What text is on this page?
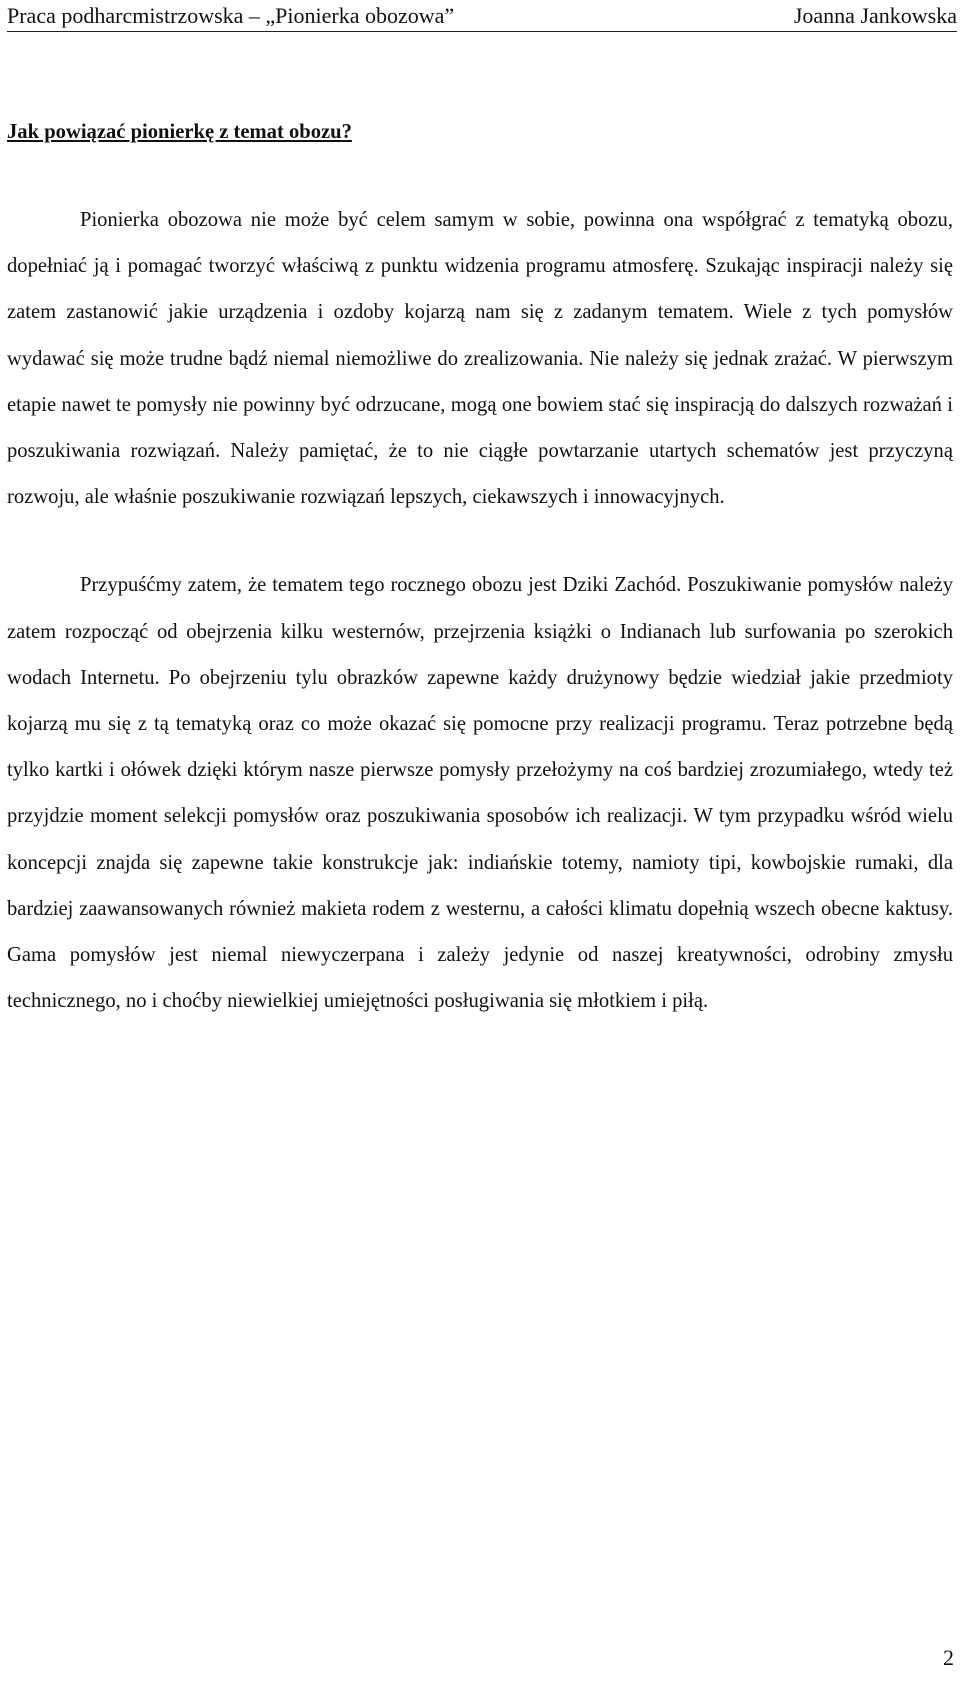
Praca podharcmistrzowska – „Pionierka obozowa”	Joanna Jankowska
Jak powiązać pionierkę z temat obozu?

Pionierka obozowa nie może być celem samym w sobie, powinna ona współgrać z tematyką obozu, dopełniać ją i pomagać tworzyć właściwą z punktu widzenia programu atmosferę. Szukając inspiracji należy się zatem zastanowić jakie urządzenia i ozdoby kojarzą nam się z zadanym tematem. Wiele z tych pomysłów wydawać się może trudne bądź niemal niemożliwe do zrealizowania. Nie należy się jednak zrażać. W pierwszym etapie nawet te pomysły nie powinny być odrzucane, mogą one bowiem stać się inspiracją do dalszych rozważań i poszukiwania rozwiązań. Należy pamiętać, że to nie ciągłe powtarzanie utartych schematów jest przyczyną rozwoju, ale właśnie poszukiwanie rozwiązań lepszych, ciekawszych i innowacyjnych.

Przypuśćmy zatem, że tematem tego rocznego obozu jest Dziki Zachód. Poszukiwanie pomysłów należy zatem rozpocząć od obejrzenia kilku westernów, przejrzenia książki o Indianach lub surfowania po szerokich wodach Internetu. Po obejrzeniu tylu obrazków zapewne każdy drużynowy będzie wiedział jakie przedmioty kojarzą mu się z tą tematyką oraz co może okazać się pomocne przy realizacji programu. Teraz potrzebne będą tylko kartki i ołówek dzięki którym nasze pierwsze pomysły przełożymy na coś bardziej zrozumiałego, wtedy też przyjdzie moment selekcji pomysłów oraz poszukiwania sposobów ich realizacji. W tym przypadku wśród wielu koncepcji znajda się zapewne takie konstrukcje jak: indiańskie totemy, namioty tipi, kowbojskie rumaki, dla bardziej zaawansowanych również makieta rodem z westernu, a całości klimatu dopełnią wszech obecne kaktusy. Gama pomysłów jest niemal niewyczerpana i zależy jedynie od naszej kreatywności, odrobiny zmysłu technicznego, no i choćby niewielkiej umiejętności posługiwania się młotkiem i piłą.

2
